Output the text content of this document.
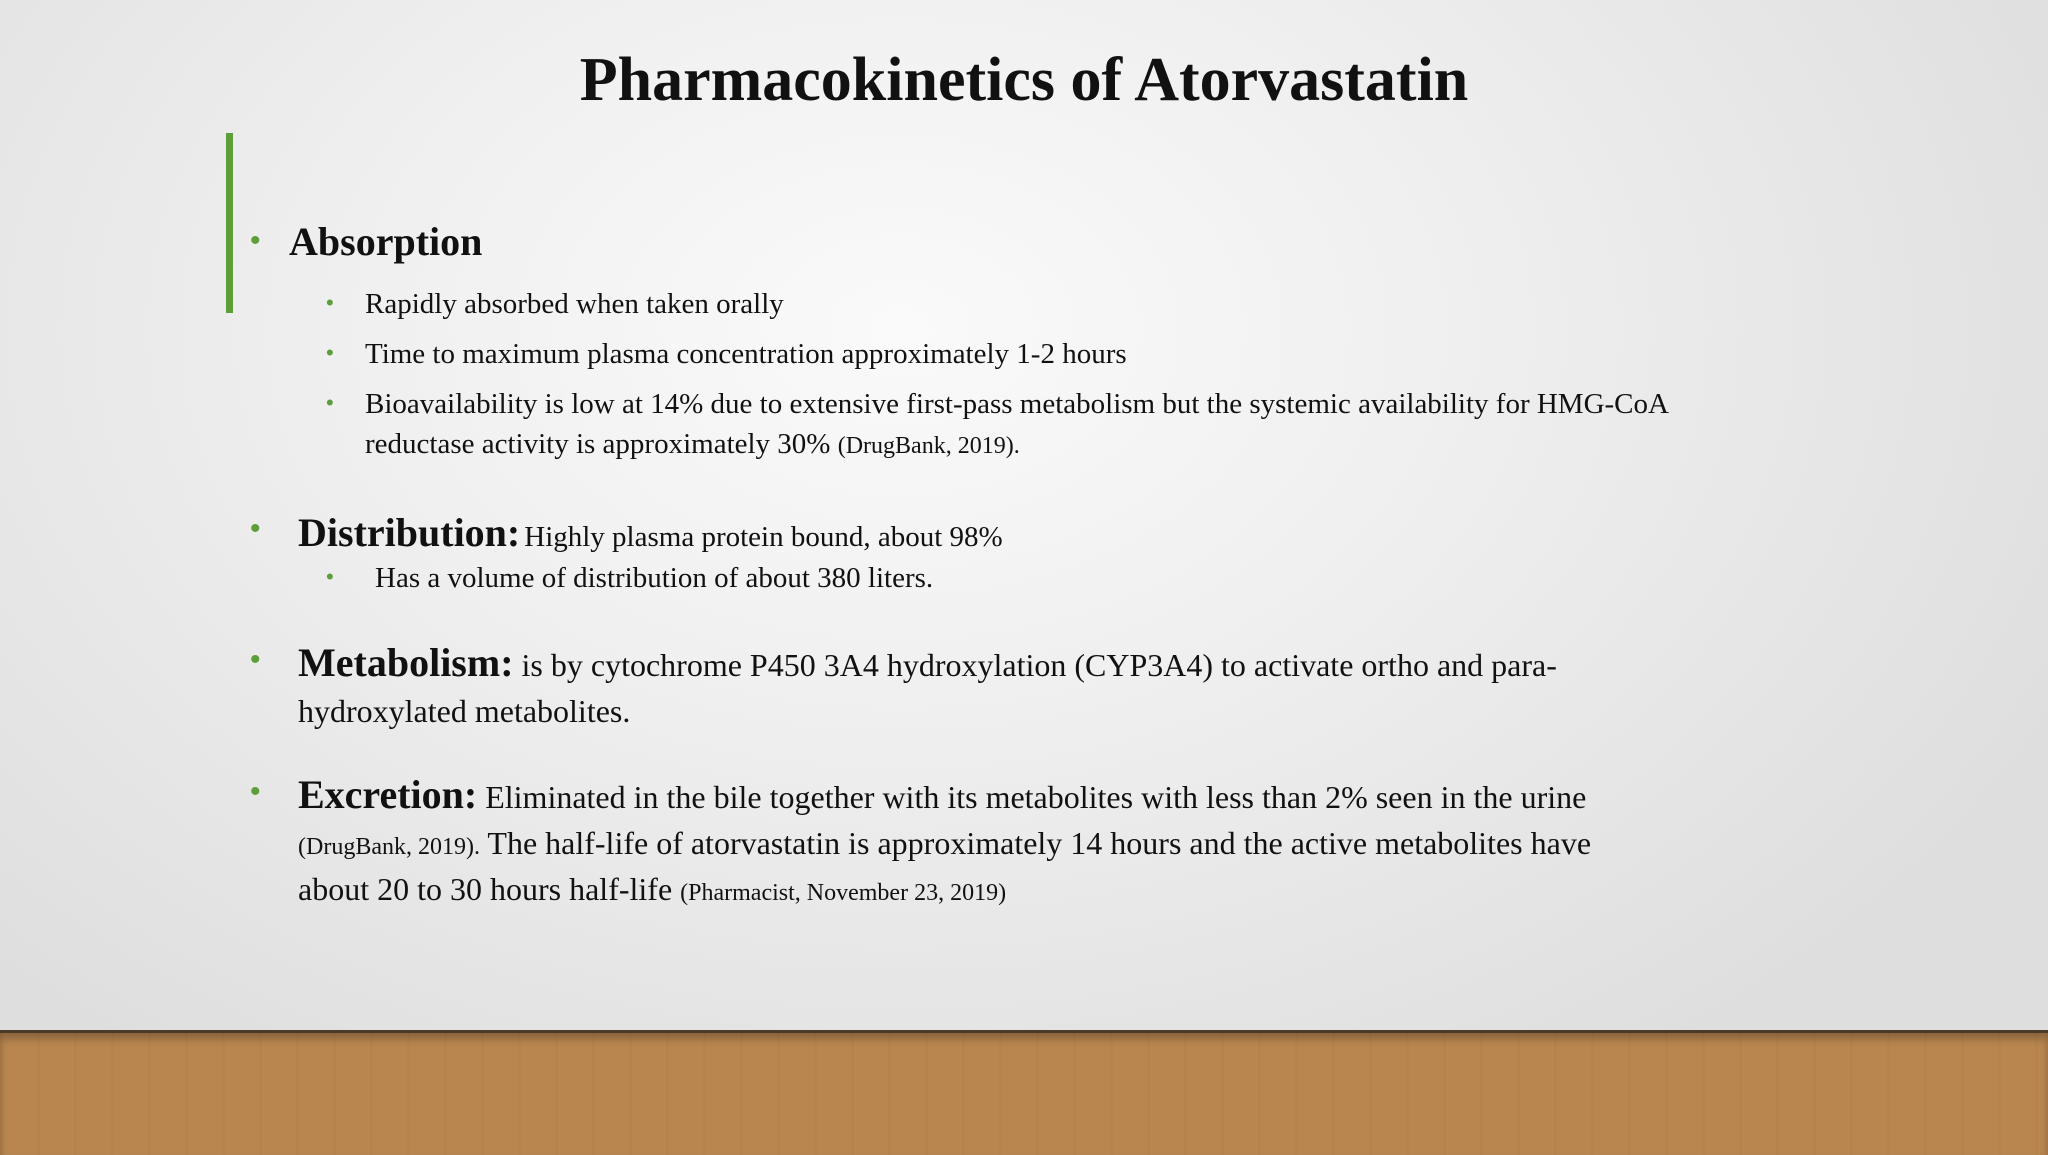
Pharmacokinetics of Atorvastatin
• Absorption
• Rapidly absorbed when taken orally
• Time to maximum plasma concentration approximately 1-2 hours
• Bioavailability is low at 14% due to extensive first-pass metabolism but the systemic availability for HMG-CoA
reductase activity is approximately 30% (DrugBank, 2019).
• Distribution: Highly plasma protein bound, about 98%
• Has a volume of distribution of about 380 liters.
• Metabolism: is by cytochrome P450 3A4 hydroxylation (CYP3A4) to activate ortho and para-
hydroxylated metabolites.
• Excretion: Eliminated in the bile together with its metabolites with less than 2% seen in the urine
(DrugBank, 2019). The half-life of atorvastatin is approximately 14 hours and the active metabolites have
about 20 to 30 hours half-life (Pharmacist, November 23, 2019)
